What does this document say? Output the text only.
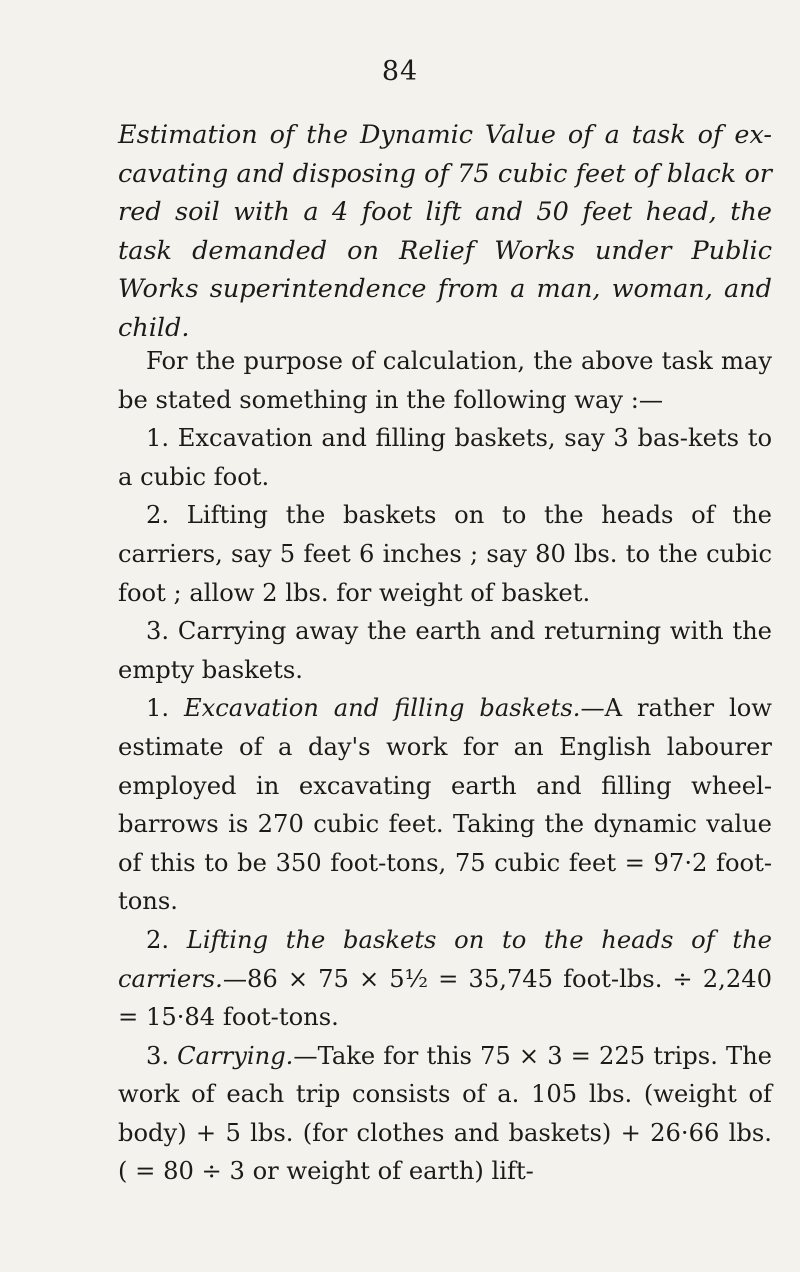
84

Estimation of the Dynamic Value of a task of ex-cavating and disposing of 75 cubic feet of black or red soil with a 4 foot lift and 50 feet head, the task demanded on Relief Works under Public Works superintendence from a man, woman, and child.

For the purpose of calculation, the above task may be stated something in the following way :—

1. Excavation and filling baskets, say 3 bas-kets to a cubic foot.

2. Lifting the baskets on to the heads of the carriers, say 5 feet 6 inches ; say 80 lbs. to the cubic foot ; allow 2 lbs. for weight of basket.

3. Carrying away the earth and returning with the empty baskets.

1. Excavation and filling baskets.—A rather low estimate of a day's work for an English labourer employed in excavating earth and filling wheel-barrows is 270 cubic feet. Taking the dynamic value of this to be 350 foot-tons, 75 cubic feet = 97·2 foot-tons.

2. Lifting the baskets on to the heads of the carriers.—86 × 75 × 5½ = 35,745 foot-lbs. ÷ 2,240 = 15·84 foot-tons.

3. Carrying.—Take for this 75 × 3 = 225 trips. The work of each trip consists of a. 105 lbs. (weight of body) + 5 lbs. (for clothes and baskets) + 26·66 lbs. ( = 80 ÷ 3 or weight of earth) lift-
